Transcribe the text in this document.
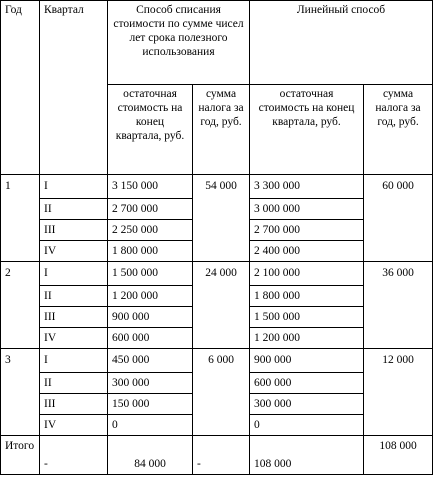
Год	Квартал	Способ списания стоимости по сумме чисел лет срока полезного использования		Линейный способ	
		остаточная стоимость на конец квартала, руб.	сумма налога за год, руб.	остаточная стоимость на конец квартала, руб.	сумма налога за год, руб.
1	I	3 150 000	54 000	3 300 000	60 000
	II	2 700 000		3 000 000	
	III	2 250 000		2 700 000	
	IV	1 800 000		2 400 000	
2	I	1 500 000	24 000	2 100 000	36 000
	II	1 200 000		1 800 000	
	III	900 000		1 500 000	
	IV	600 000		1 200 000	
3	I	450 000	6 000	900 000	12 000
	II	300 000		600 000	
	III	150 000		300 000	
	IV	0		0	
Итого	-	84 000	-	108 000	108 000
